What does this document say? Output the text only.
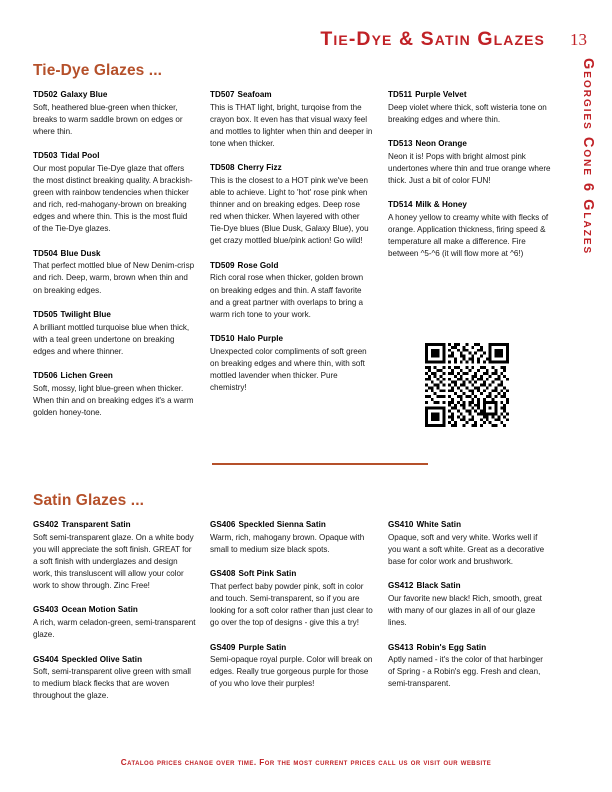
Tie-Dye & Satin Glazes 13
Georgies Cone 6 Glazes
Tie-Dye Glazes ...
TD502 Galaxy Blue
Soft, heathered blue-green when thicker, breaks to warm saddle brown on edges or where thin.
TD503 Tidal Pool
Our most popular Tie-Dye glaze that offers the most distinct breaking quality. A brackish-green with rainbow tendencies when thicker and rich, red-mahogany-brown on breaking edges and where thin. This is the most fluid of the Tie-Dye glazes.
TD504 Blue Dusk
That perfect mottled blue of New Denim-crisp and rich. Deep, warm, brown when thin and on breaking edges.
TD505 Twilight Blue
A brilliant mottled turquoise blue when thick, with a teal green undertone on breaking edges and where thinner.
TD506 Lichen Green
Soft, mossy, light blue-green when thicker. When thin and on breaking edges it's a warm golden honey-tone.
TD507 Seafoam
This is THAT light, bright, turqoise from the crayon box. It even has that visual waxy feel and mottles to lighter when thin and deeper in tone when thicker.
TD508 Cherry Fizz
This is the closest to a HOT pink we've been able to achieve. Light to 'hot' rose pink when thinner and on breaking edges. Deep rose red when thicker. When layered with other Tie-Dye blues (Blue Dusk, Galaxy Blue), you get crazy mottled blue/pink action! Go wild!
TD509 Rose Gold
Rich coral rose when thicker, golden brown on breaking edges and thin. A staff favorite and a great partner with overlaps to bring a warm rich tone to your work.
TD510 Halo Purple
Unexpected color compliments of soft green on breaking edges and where thin, with soft mottled lavender when thicker. Pure chemistry!
TD511 Purple Velvet
Deep violet where thick, soft wisteria tone on breaking edges and where thin.
TD513 Neon Orange
Neon it is! Pops with bright almost pink undertones where thin and true orange where thick. Just a bit of color FUN!
TD514 Milk & Honey
A honey yellow to creamy white with flecks of orange. Application thickness, firing speed & temperature all make a difference. Fire between ^5-^6 (it will flow more at ^6!)
Satin Glazes ...
GS402 Transparent Satin
Soft semi-transparent glaze. On a white body you will appreciate the soft finish. GREAT for a soft finish with underglazes and design work, this transluscent will allow your color work to show through. Zinc Free!
GS403 Ocean Motion Satin
A rich, warm celadon-green, semi-transparent glaze.
GS404 Speckled Olive Satin
Soft, semi-transparent olive green with small to medium black flecks that are woven throughout the glaze.
GS406 Speckled Sienna Satin
Warm, rich, mahogany brown. Opaque with small to medium size black spots.
GS408 Soft Pink Satin
That perfect baby powder pink, soft in color and touch. Semi-transparent, so if you are looking for a soft color rather than just clear to go over the top of designs - give this a try!
GS409 Purple Satin
Semi-opaque royal purple. Color will break on edges. Really true gorgeous purple for those of you who love their purples!
GS410 White Satin
Opaque, soft and very white. Works well if you want a soft white. Great as a decorative base for color work and brushwork.
GS412 Black Satin
Our favorite new black! Rich, smooth, great with many of our glazes in all of our glaze lines.
GS413 Robin's Egg Satin
Aptly named - it's the color of that harbinger of Spring - a Robin's egg. Fresh and clean, semi-transparent.
Catalog prices change over time. For the most current prices call us or visit our website
